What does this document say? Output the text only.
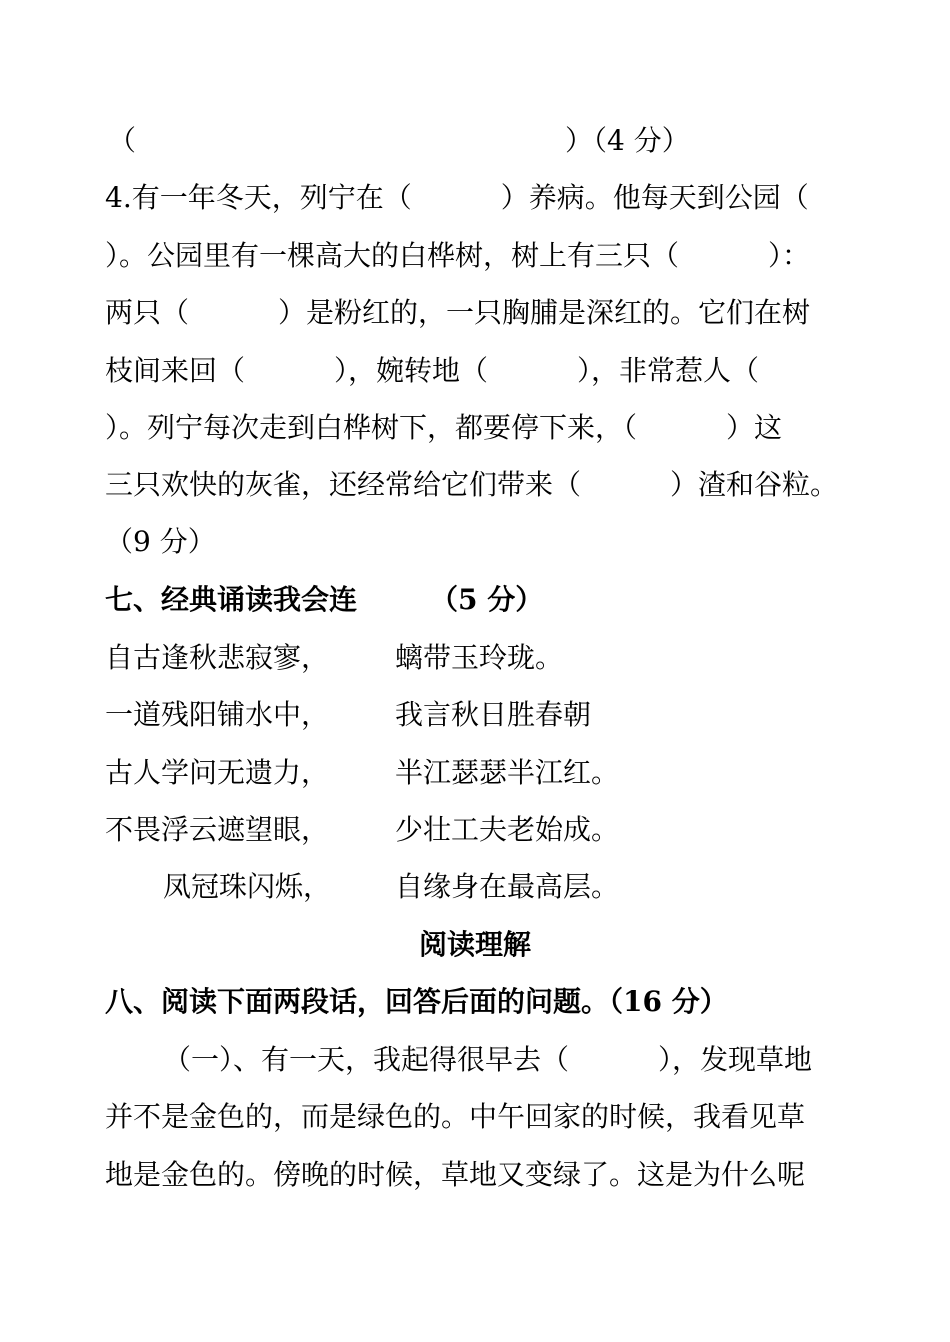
（

	）（4 分）

4.有一年冬天，列宁在（          ）养病。他每天到公园（

）。公园里有一棵高大的白桦树，树上有三只（          ）：

两只（          ）是粉红的，一只胸脯是深红的。它们在树

枝间来回（          ），婉转地（          ），非常惹人（

）。列宁每次走到白桦树下，都要停下来，（          ）这

三只欢快的灰雀，还经常给它们带来（          ）渣和谷粒。

（9 分）

七、经典诵读我会连

	（5 分）

自古逢秋悲寂寥，

螭带玉玲珑。

一道残阳铺水中，

我言秋日胜春朝

古人学问无遗力，

半江瑟瑟半江红。

不畏浮云遮望眼，

少壮工夫老始成。

凤冠珠闪烁，

自缘身在最高层。

阅读理解

八、阅读下面两段话，回答后面的问题。（16 分）

（一）、有一天，我起得很早去（          ），发现草地

并不是金色的，而是绿色的。中午回家的时候，我看见草

地是金色的。傍晚的时候，草地又变绿了。这是为什么呢
